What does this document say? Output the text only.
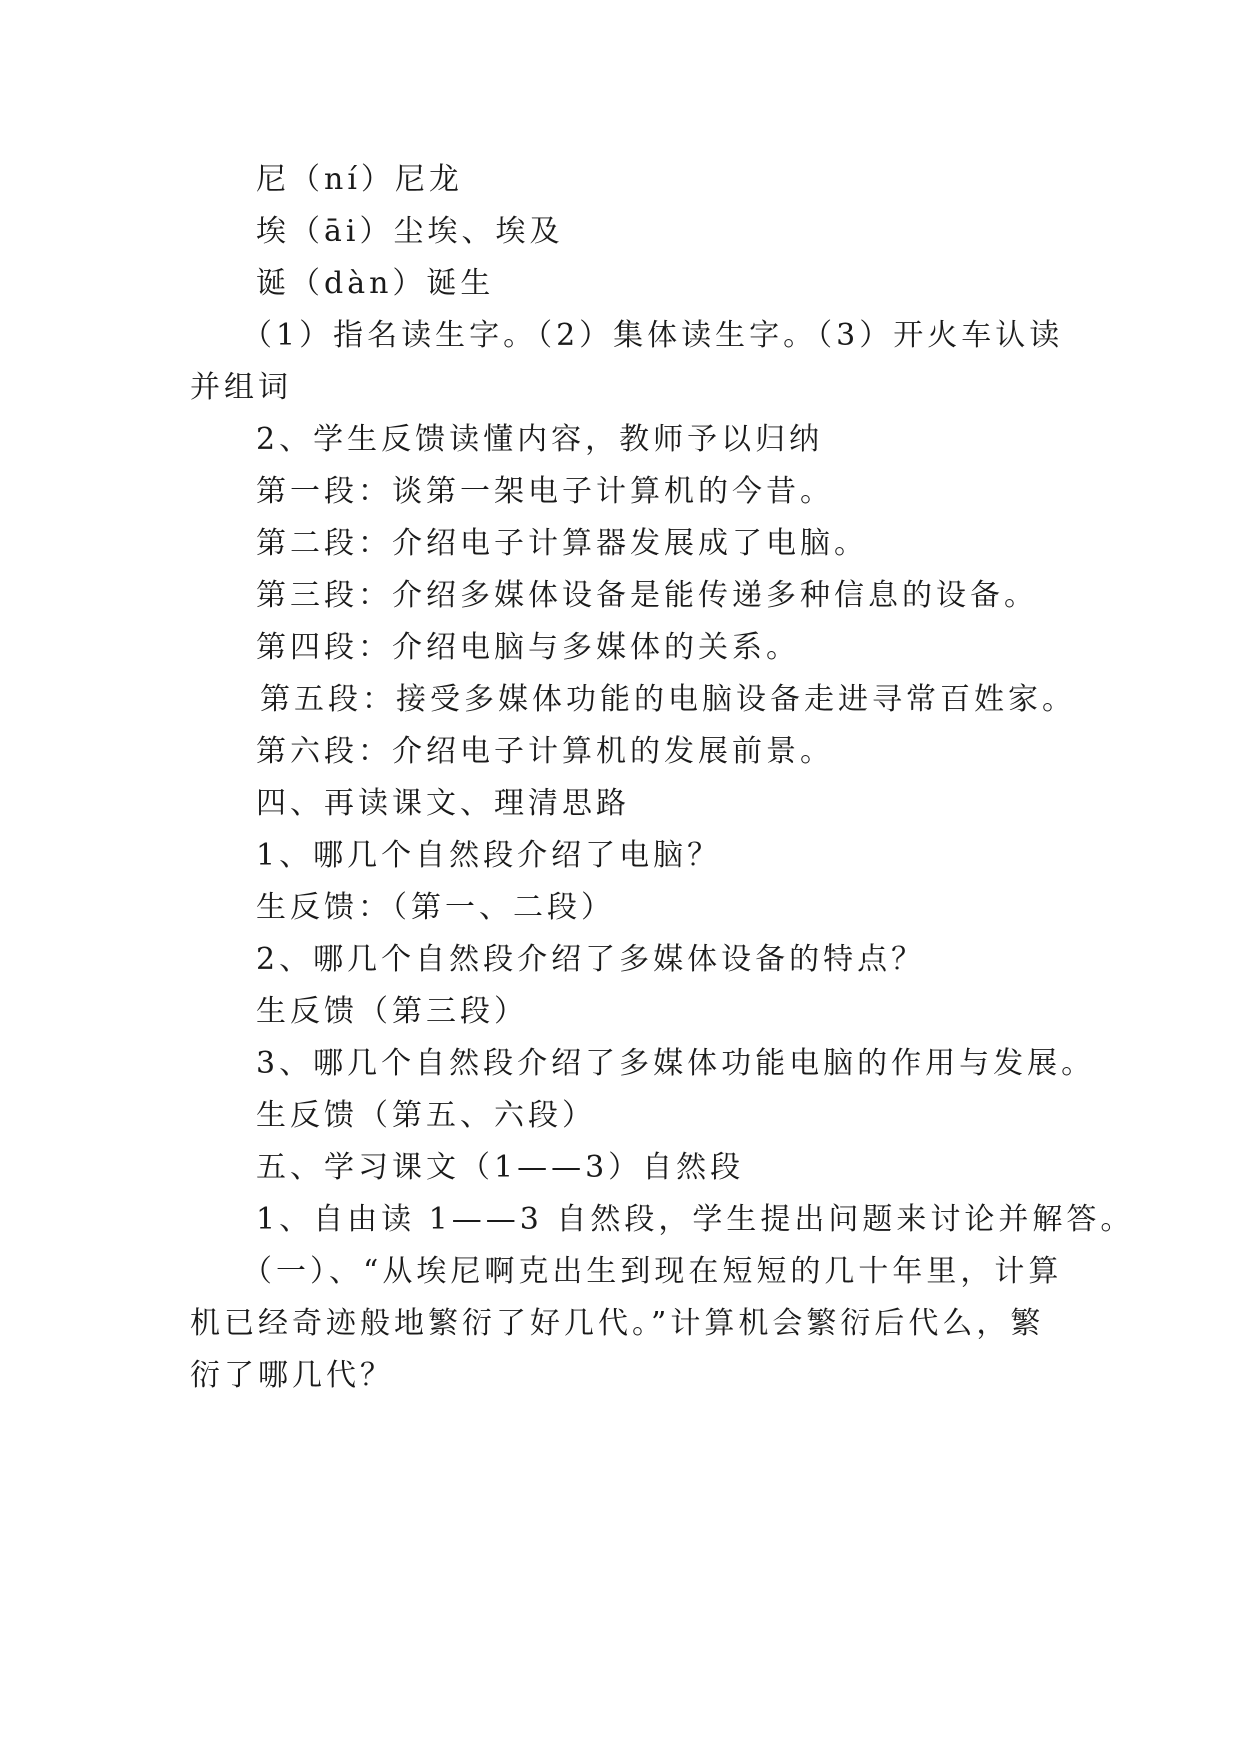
尼（ní）尼龙
埃（āi）尘埃、埃及
诞（dàn）诞生
（1）指名读生字。（2）集体读生字。（3）开火车认读
并组词
2、学生反馈读懂内容，教师予以归纳
第一段：谈第一架电子计算机的今昔。
第二段：介绍电子计算器发展成了电脑。
第三段：介绍多媒体设备是能传递多种信息的设备。
第四段：介绍电脑与多媒体的关系。
第五段：接受多媒体功能的电脑设备走进寻常百姓家。
第六段：介绍电子计算机的发展前景。
四、再读课文、理清思路
1、哪几个自然段介绍了电脑？
生反馈：（第一、二段）
2、哪几个自然段介绍了多媒体设备的特点？
生反馈（第三段）
3、哪几个自然段介绍了多媒体功能电脑的作用与发展。
生反馈（第五、六段）
五、学习课文（1——3）自然段
1、自由读 1——3 自然段，学生提出问题来讨论并解答。
（一）、“从埃尼啊克出生到现在短短的几十年里，计算
机已经奇迹般地繁衍了好几代。”计算机会繁衍后代么，繁
衍了哪几代？
